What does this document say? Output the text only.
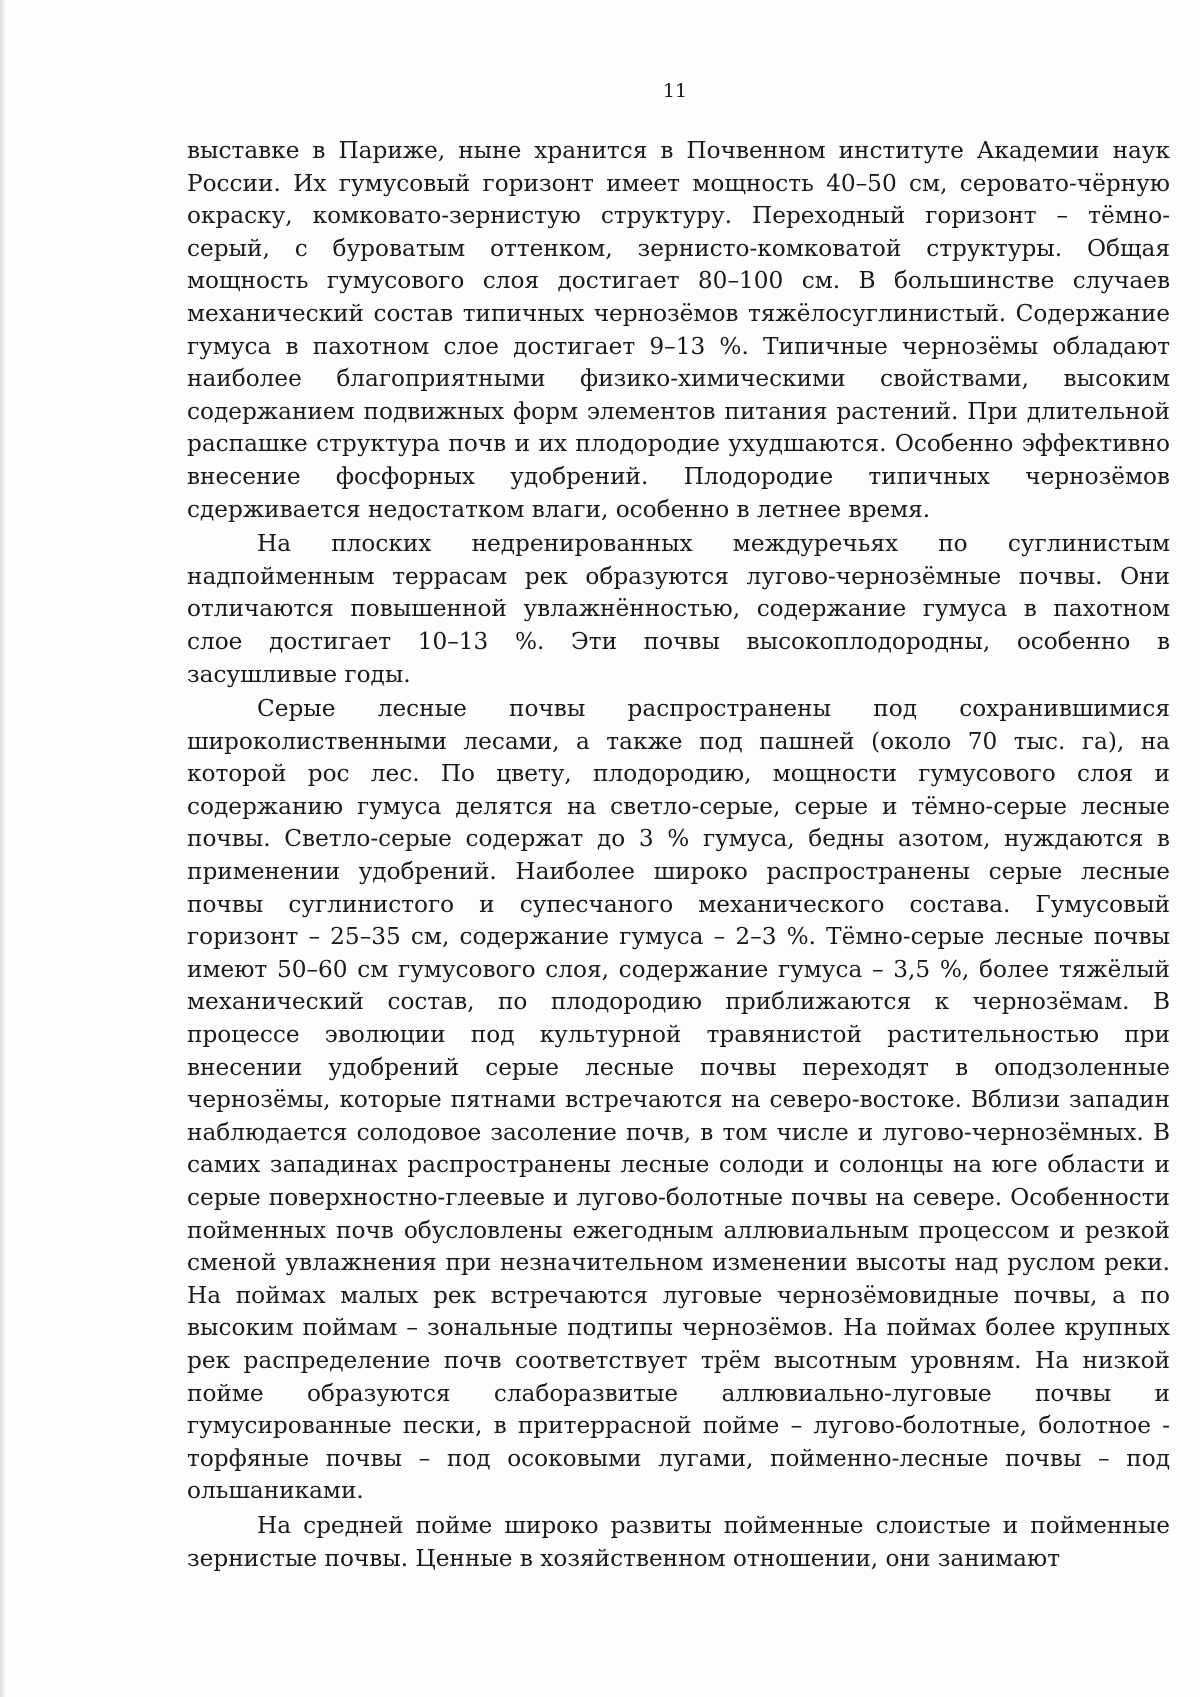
11

выставке в Париже, ныне хранится в Почвенном институте Академии наук России. Их гумусовый горизонт имеет мощность 40–50 см, серовато-чёрную окраску, комковато-зернистую структуру. Переходный горизонт – тёмно-серый, с буроватым оттенком, зернисто-комковатой структуры. Общая мощность гумусового слоя достигает 80–100 см. В большинстве случаев механический состав типичных чернозёмов тяжёлосуглинистый. Содержание гумуса в пахотном слое достигает 9–13 %. Типичные чернозёмы обладают наиболее благоприятными физико-химическими свойствами, высоким содержанием подвижных форм элементов питания растений. При длительной распашке структура почв и их плодородие ухудшаются. Особенно эффективно внесение фосфорных удобрений. Плодородие типичных чернозёмов сдерживается недостатком влаги, особенно в летнее время.

На плоских недренированных междуречьях по суглинистым надпойменным террасам рек образуются лугово-чернозёмные почвы. Они отличаются повышенной увлажнённостью, содержание гумуса в пахотном слое достигает 10–13 %. Эти почвы высокоплодородны, особенно в засушливые годы.

Серые лесные почвы распространены под сохранившимися широколиственными лесами, а также под пашней (около 70 тыс. га), на которой рос лес. По цвету, плодородию, мощности гумусового слоя и содержанию гумуса делятся на светло-серые, серые и тёмно-серые лесные почвы. Светло-серые содержат до 3 % гумуса, бедны азотом, нуждаются в применении удобрений. Наиболее широко распространены серые лесные почвы суглинистого и супесчаного механического состава. Гумусовый горизонт – 25–35 см, содержание гумуса – 2–3 %. Тёмно-серые лесные почвы имеют 50–60 см гумусового слоя, содержание гумуса – 3,5 %, более тяжёлый механический состав, по плодородию приближаются к чернозёмам. В процессе эволюции под культурной травянистой растительностью при внесении удобрений серые лесные почвы переходят в оподзоленные чернозёмы, которые пятнами встречаются на северо-востоке. Вблизи западин наблюдается солодовое засоление почв, в том числе и лугово-чернозёмных. В самих западинах распространены лесные солоди и солонцы на юге области и серые поверхностно-глеевые и лугово-болотные почвы на севере. Особенности пойменных почв обусловлены ежегодным аллювиальным процессом и резкой сменой увлажнения при незначительном изменении высоты над руслом реки. На поймах малых рек встречаются луговые чернозёмовидные почвы, а по высоким поймам – зональные подтипы чернозёмов. На поймах более крупных рек распределение почв соответствует трём высотным уровням. На низкой пойме образуются слаборазвитые аллювиально-луговые почвы и гумусированные пески, в притеррасной пойме – лугово-болотные, болотное - торфяные почвы – под осоковыми лугами, пойменно-лесные почвы – под ольшаниками.

На средней пойме широко развиты пойменные слоистые и пойменные зернистые почвы. Ценные в хозяйственном отношении, они занимают
